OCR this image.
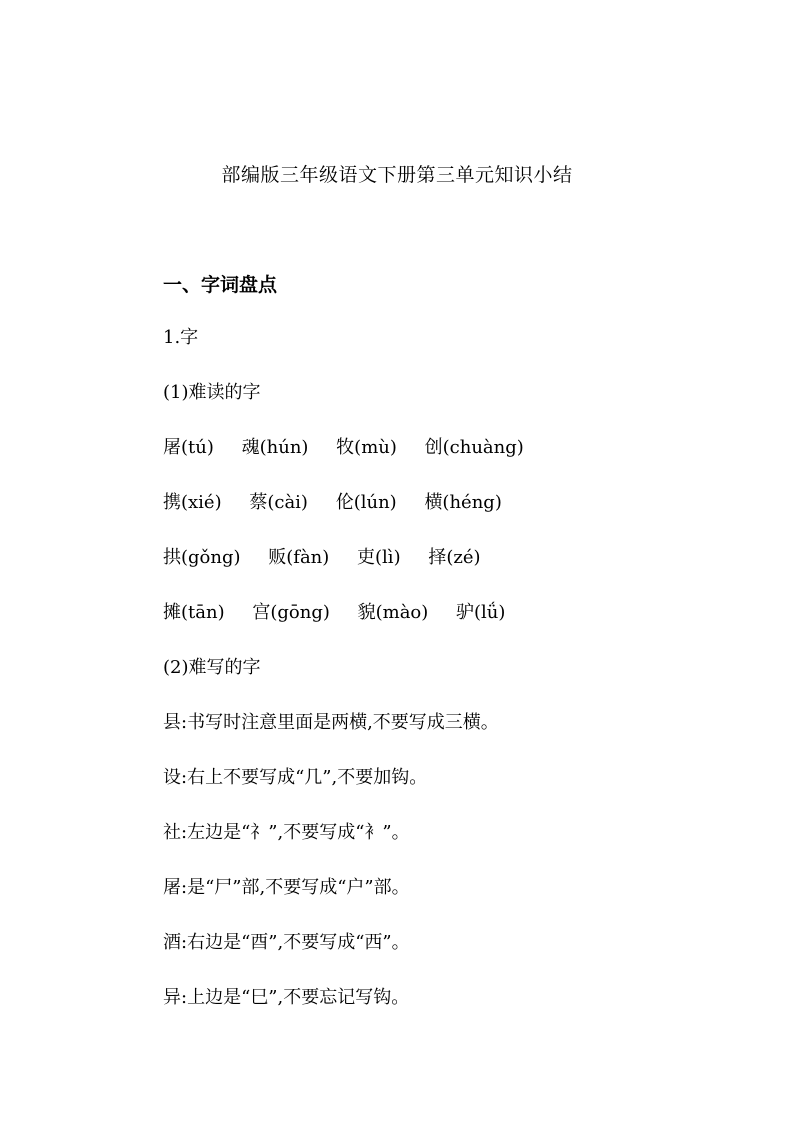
部编版三年级语文下册第三单元知识小结
一、字词盘点
1.字
(1)难读的字
屠(tú) 魂(hún) 牧(mù) 创(chuàng)
携(xié) 蔡(cài) 伦(lún) 横(héng)
拱(gǒng) 贩(fàn) 吏(lì) 择(zé)
摊(tān) 宫(gōng) 貌(mào) 驴(lǘ)
(2)难写的字
县:书写时注意里面是两横,不要写成三横。
设:右上不要写成“几”,不要加钩。
社:左边是“礻”,不要写成“衤”。
屠:是“尸”部,不要写成“户”部。
酒:右边是“酉”,不要写成“西”。
异:上边是“巳”,不要忘记写钩。
